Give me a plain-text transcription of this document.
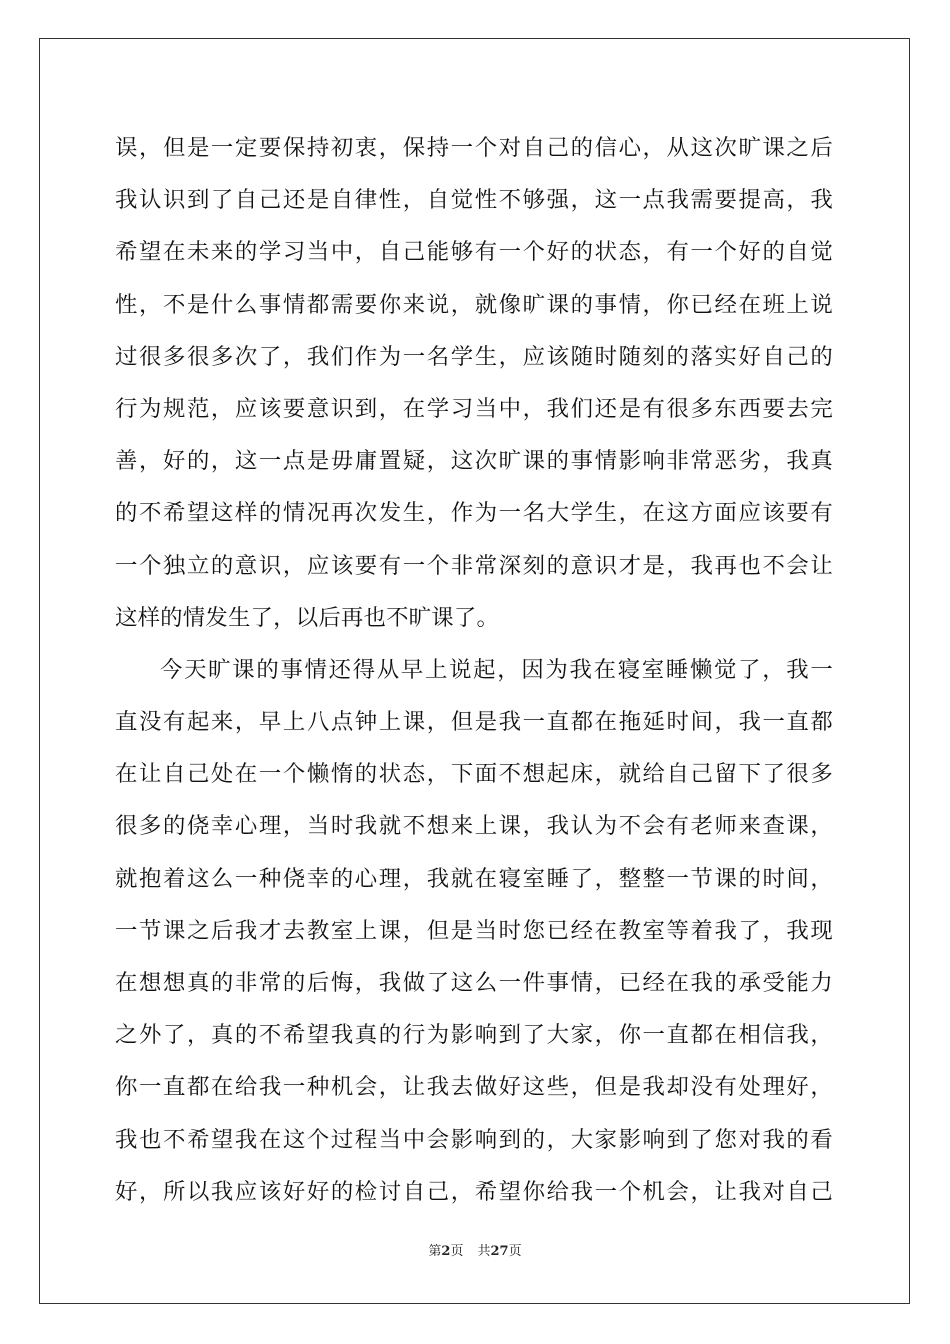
误，但是一定要保持初衷，保持一个对自己的信心，从这次旷课之后
我认识到了自己还是自律性，自觉性不够强，这一点我需要提高，我
希望在未来的学习当中，自己能够有一个好的状态，有一个好的自觉
性，不是什么事情都需要你来说，就像旷课的事情，你已经在班上说
过很多很多次了，我们作为一名学生，应该随时随刻的落实好自己的
行为规范，应该要意识到，在学习当中，我们还是有很多东西要去完
善，好的，这一点是毋庸置疑，这次旷课的事情影响非常恶劣，我真
的不希望这样的情况再次发生，作为一名大学生，在这方面应该要有
一个独立的意识，应该要有一个非常深刻的意识才是，我再也不会让
这样的情发生了，以后再也不旷课了。

今天旷课的事情还得从早上说起，因为我在寝室睡懒觉了，我一
直没有起来，早上八点钟上课，但是我一直都在拖延时间，我一直都
在让自己处在一个懒惰的状态，下面不想起床，就给自己留下了很多
很多的侥幸心理，当时我就不想来上课，我认为不会有老师来查课，
就抱着这么一种侥幸的心理，我就在寝室睡了，整整一节课的时间，
一节课之后我才去教室上课，但是当时您已经在教室等着我了，我现
在想想真的非常的后悔，我做了这么一件事情，已经在我的承受能力
之外了，真的不希望我真的行为影响到了大家，你一直都在相信我，
你一直都在给我一种机会，让我去做好这些，但是我却没有处理好，
我也不希望我在这个过程当中会影响到的，大家影响到了您对我的看
好，所以我应该好好的检讨自己，希望你给我一个机会，让我对自己

第2页 共27页
